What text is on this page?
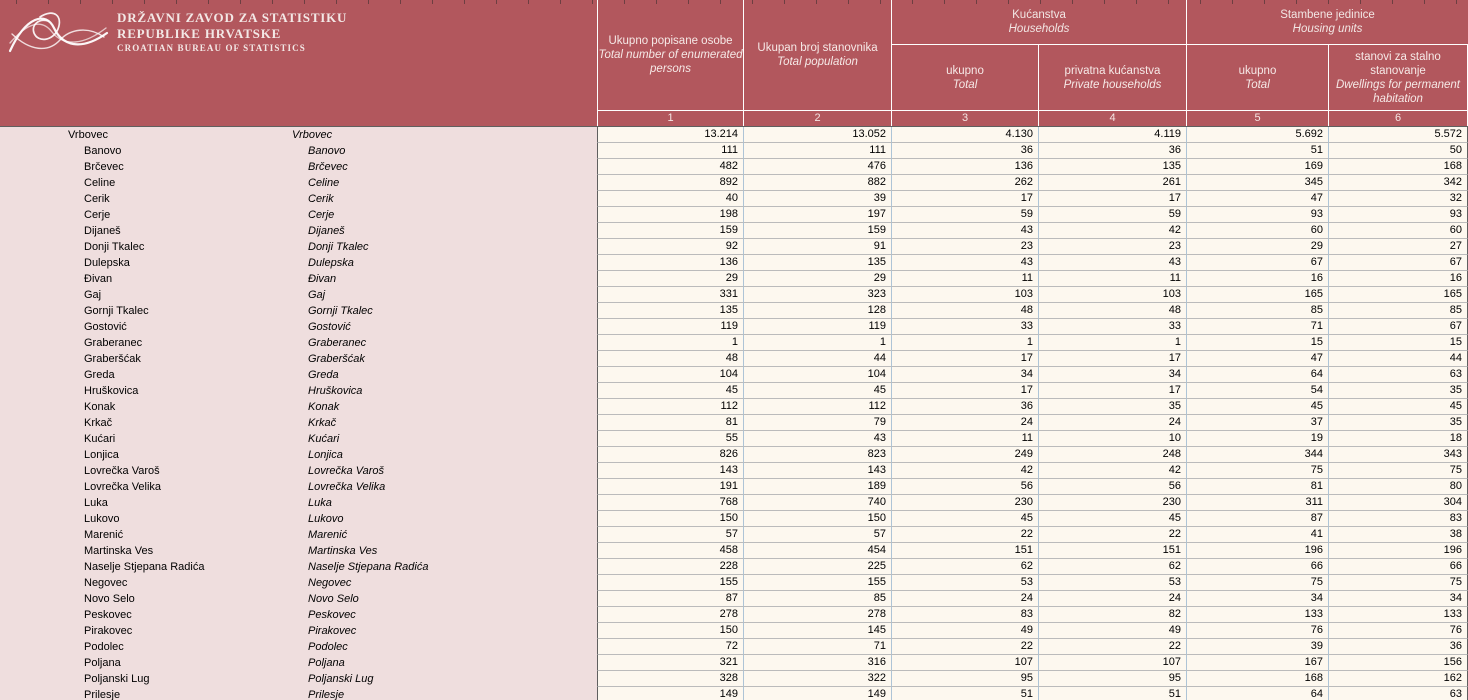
DRŽAVNI ZAVOD ZA STATISTIKU
REPUBLIKE HRVATSKE
CROATIAN BUREAU OF STATISTICS
Ukupno popisane osobe
Total number of enumerated persons
Ukupan broj stanovnika
Total population
Kućanstva
Households
ukupno
Total
privatna kućanstva
Private households
Stambene jedinice
Housing units
ukupno
Total
stanovi za stalno stanovanje
Dwellings for permanent habitation
1	2	3	4	5	6
Vrbovec	Vrbovec	13.214	13.052	4.130	4.119	5.692	5.572
Banovo	Banovo	111	111	36	36	51	50
Brčevec	Brčevec	482	476	136	135	169	168
Celine	Celine	892	882	262	261	345	342
Cerik	Cerik	40	39	17	17	47	32
Cerje	Cerje	198	197	59	59	93	93
Dijaneš	Dijaneš	159	159	43	42	60	60
Donji Tkalec	Donji Tkalec	92	91	23	23	29	27
Dulepska	Dulepska	136	135	43	43	67	67
Đivan	Đivan	29	29	11	11	16	16
Gaj	Gaj	331	323	103	103	165	165
Gornji Tkalec	Gornji Tkalec	135	128	48	48	85	85
Gostović	Gostović	119	119	33	33	71	67
Graberanec	Graberanec	1	1	1	1	15	15
Graberšćak	Graberšćak	48	44	17	17	47	44
Greda	Greda	104	104	34	34	64	63
Hruškovica	Hruškovica	45	45	17	17	54	35
Konak	Konak	112	112	36	35	45	45
Krkač	Krkač	81	79	24	24	37	35
Kućari	Kućari	55	43	11	10	19	18
Lonjica	Lonjica	826	823	249	248	344	343
Lovrečka Varoš	Lovrečka Varoš	143	143	42	42	75	75
Lovrečka Velika	Lovrečka Velika	191	189	56	56	81	80
Luka	Luka	768	740	230	230	311	304
Lukovo	Lukovo	150	150	45	45	87	83
Marenić	Marenić	57	57	22	22	41	38
Martinska Ves	Martinska Ves	458	454	151	151	196	196
Naselje Stjepana Radića	Naselje Stjepana Radića	228	225	62	62	66	66
Negovec	Negovec	155	155	53	53	75	75
Novo Selo	Novo Selo	87	85	24	24	34	34
Peskovec	Peskovec	278	278	83	82	133	133
Pirakovec	Pirakovec	150	145	49	49	76	76
Podolec	Podolec	72	71	22	22	39	36
Poljana	Poljana	321	316	107	107	167	156
Poljanski Lug	Poljanski Lug	328	322	95	95	168	162
Prilesje	Prilesje	149	149	51	51	64	63
